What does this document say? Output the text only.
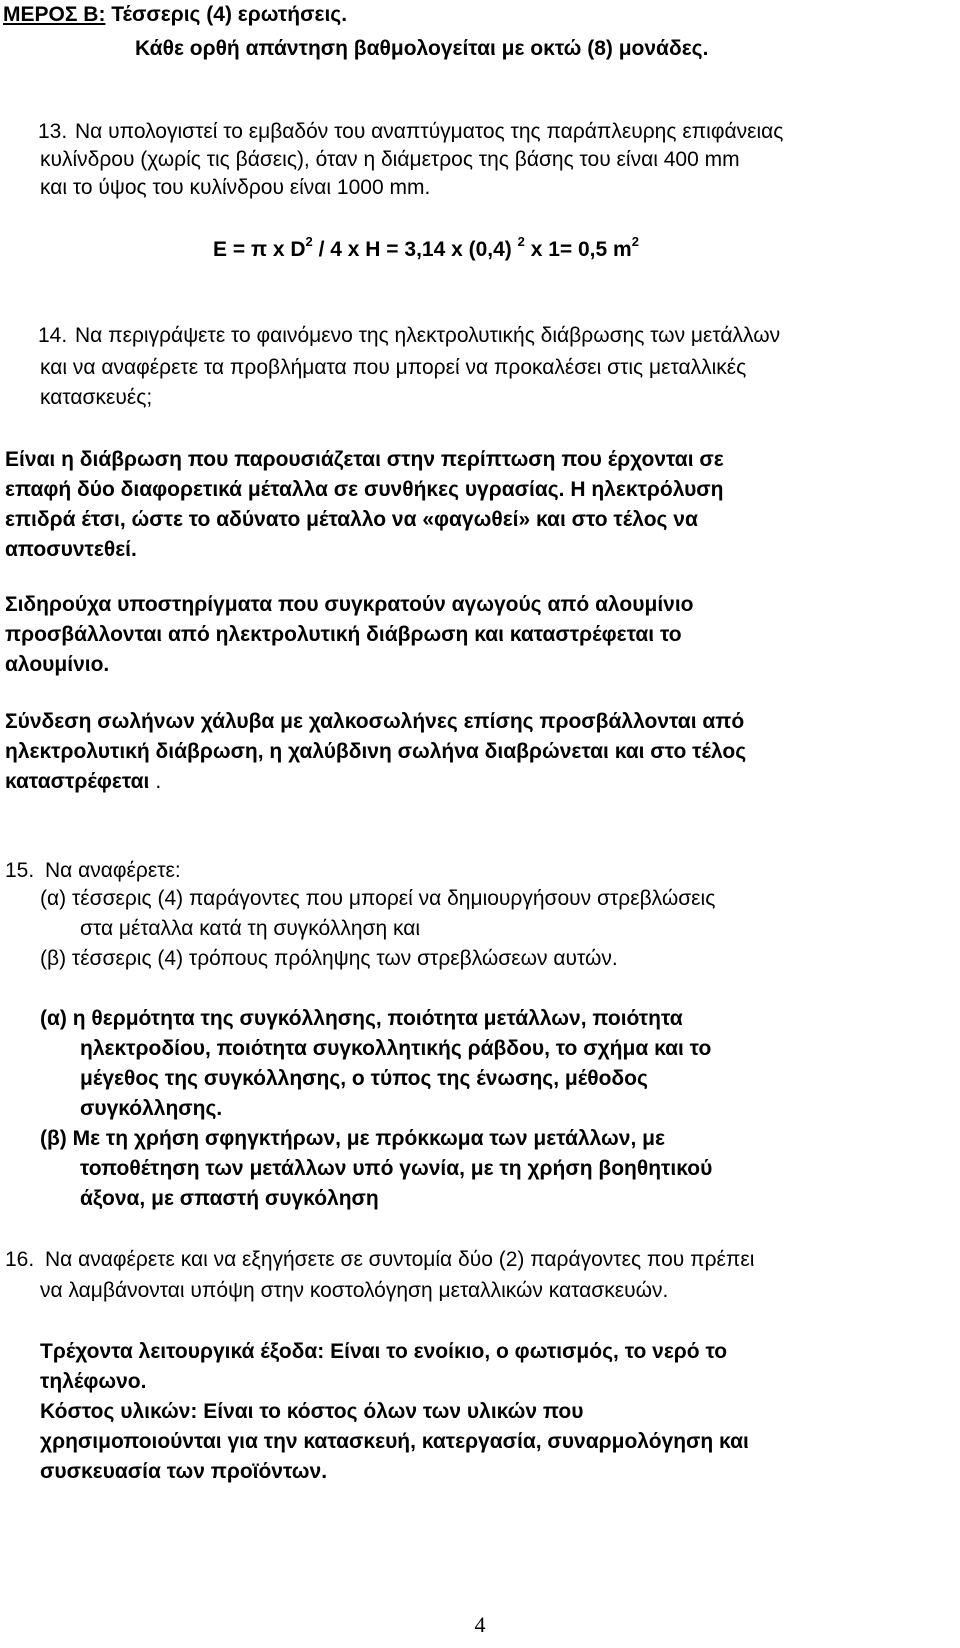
ΜΕΡΟΣ Β: Τέσσερις (4) ερωτήσεις.
Κάθε ορθή απάντηση βαθμολογείται με οκτώ (8) μονάδες.
13. Να υπολογιστεί το εμβαδόν του αναπτύγματος της παράπλευρης επιφάνειας
κυλίνδρου (χωρίς τις βάσεις), όταν η διάμετρος της βάσης του είναι 400 mm
και το ύψος του κυλίνδρου είναι 1000 mm.
E = π x $D^2 / 4$ x H = 3,14 x (0,4) $^2$ x 1= 0,5 $m^2$
14. Να περιγράψετε το φαινόμενο της ηλεκτρολυτικής διάβρωσης των μετάλλων
και να αναφέρετε τα προβλήματα που μπορεί να προκαλέσει στις μεταλλικές
κατασκευές;
Είναι η διάβρωση που παρουσιάζεται στην περίπτωση που έρχονται σε
επαφή δύο διαφορετικά μέταλλα σε συνθήκες υγρασίας. Η ηλεκτρόλυση
επιδρά έτσι, ώστε το αδύνατο μέταλλο να «φαγωθεί» και στο τέλος να
αποσυντεθεί.
Σιδηρούχα υποστηρίγματα που συγκρατούν αγωγούς από αλουμίνιο
προσβάλλονται από ηλεκτρολυτική διάβρωση και καταστρέφεται το
αλουμίνιο.
Σύνδεση σωλήνων χάλυβα με χαλκοσωλήνες επίσης προσβάλλονται από
ηλεκτρολυτική διάβρωση, η χαλύβδινη σωλήνα διαβρώνεται και στο τέλος
καταστρέφεται .
15. Να αναφέρετε:
(α) τέσσερις (4) παράγοντες που μπορεί να δημιουργήσουν στρεβλώσεις
στα μέταλλα κατά τη συγκόλληση και
(β) τέσσερις (4) τρόπους πρόληψης των στρεβλώσεων αυτών.
(α) η θερμότητα της συγκόλλησης, ποιότητα μετάλλων, ποιότητα
ηλεκτροδίου, ποιότητα συγκολλητικής ράβδου, το σχήμα και το
μέγεθος της συγκόλλησης, ο τύπος της ένωσης, μέθοδος
συγκόλλησης.
(β) Με τη χρήση σφηγκτήρων, με πρόκκωμα των μετάλλων, με
τοποθέτηση των μετάλλων υπό γωνία, με τη χρήση βοηθητικού
άξονα, με σπαστή συγκόληση
16. Να αναφέρετε και να εξηγήσετε σε συντομία δύο (2) παράγοντες που πρέπει
να λαμβάνονται υπόψη στην κοστολόγηση μεταλλικών κατασκευών.
Τρέχοντα λειτουργικά έξοδα: Είναι το ενοίκιο, ο φωτισμός, το νερό το
τηλέφωνο.
Κόστος υλικών: Είναι το κόστος όλων των υλικών που
χρησιμοποιούνται για την κατασκευή, κατεργασία, συναρμολόγηση και
συσκευασία των προϊόντων.
4
